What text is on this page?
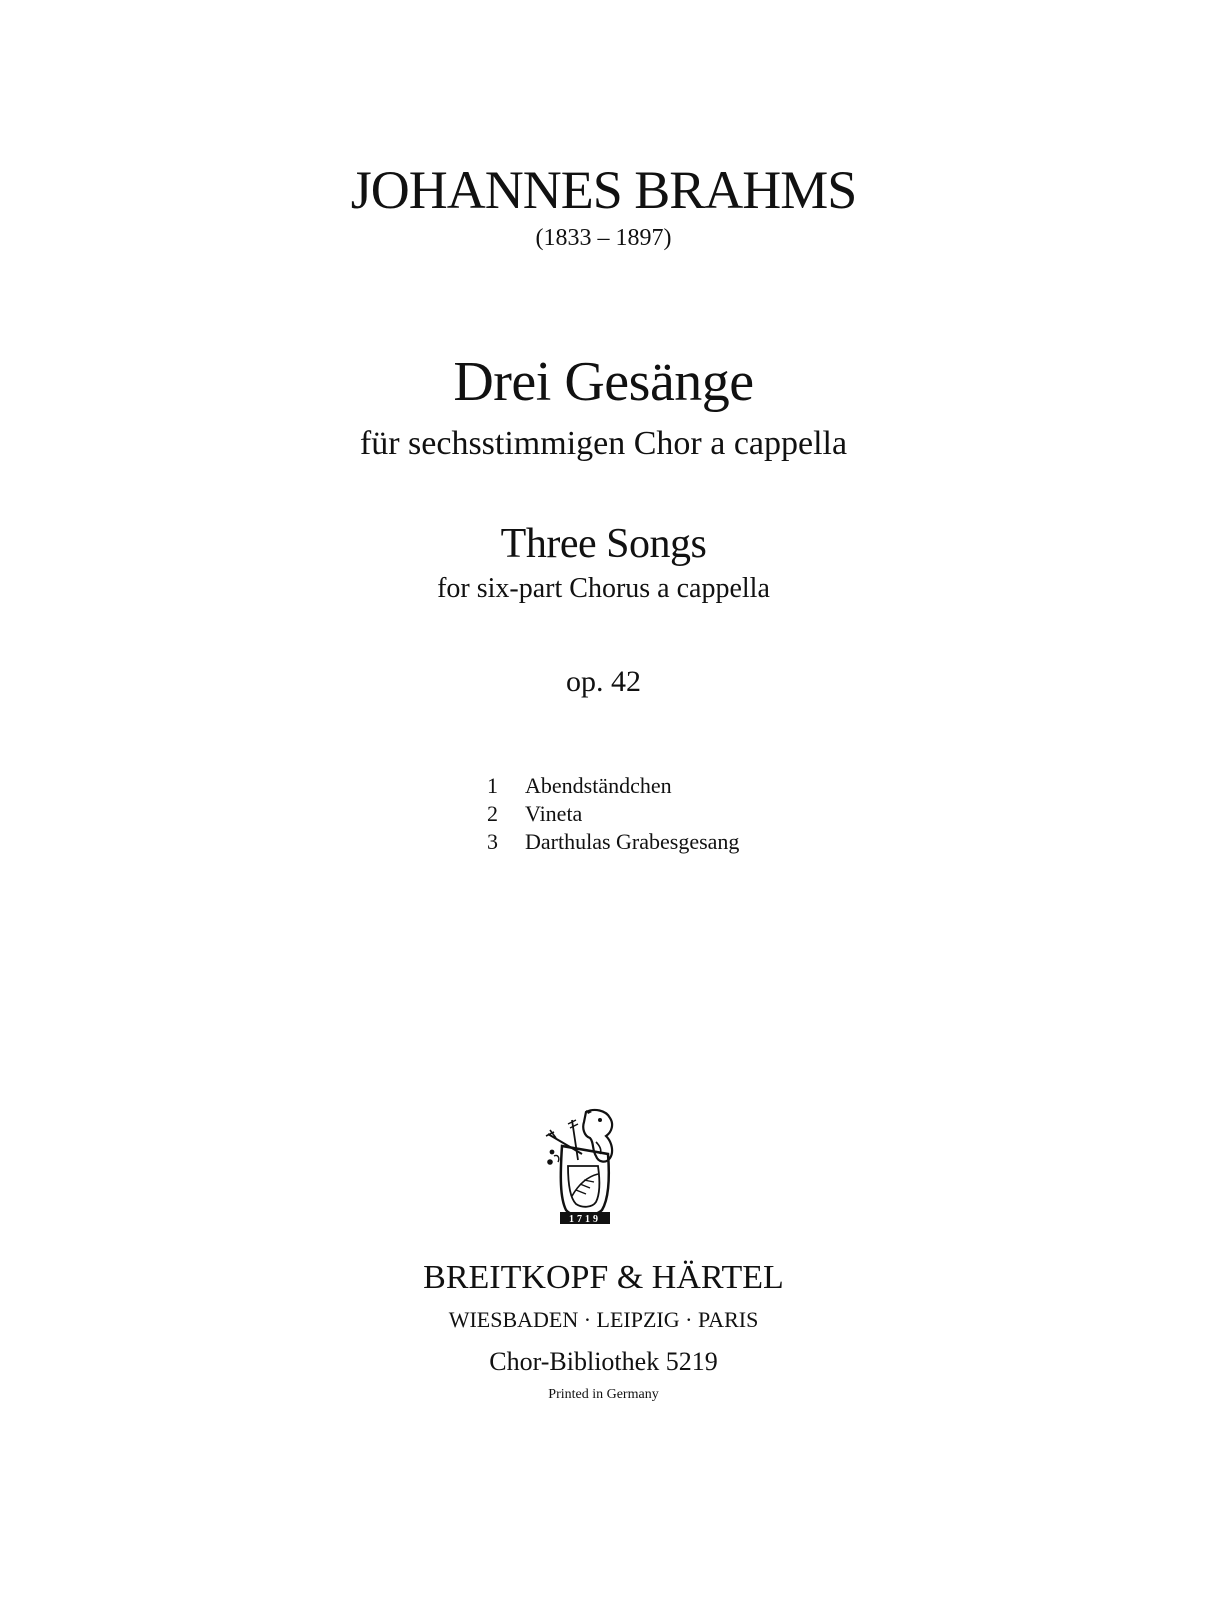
JOHANNES BRAHMS
(1833 – 1897)
Drei Gesänge
für sechsstimmigen Chor a cappella
Three Songs
for six-part Chorus a cappella
op. 42
1 Abendständchen
2 Vineta
3 Darthulas Grabesgesang
1719
BREITKOPF & HÄRTEL
WIESBADEN · LEIPZIG · PARIS
Chor-Bibliothek 5219
Printed in Germany
